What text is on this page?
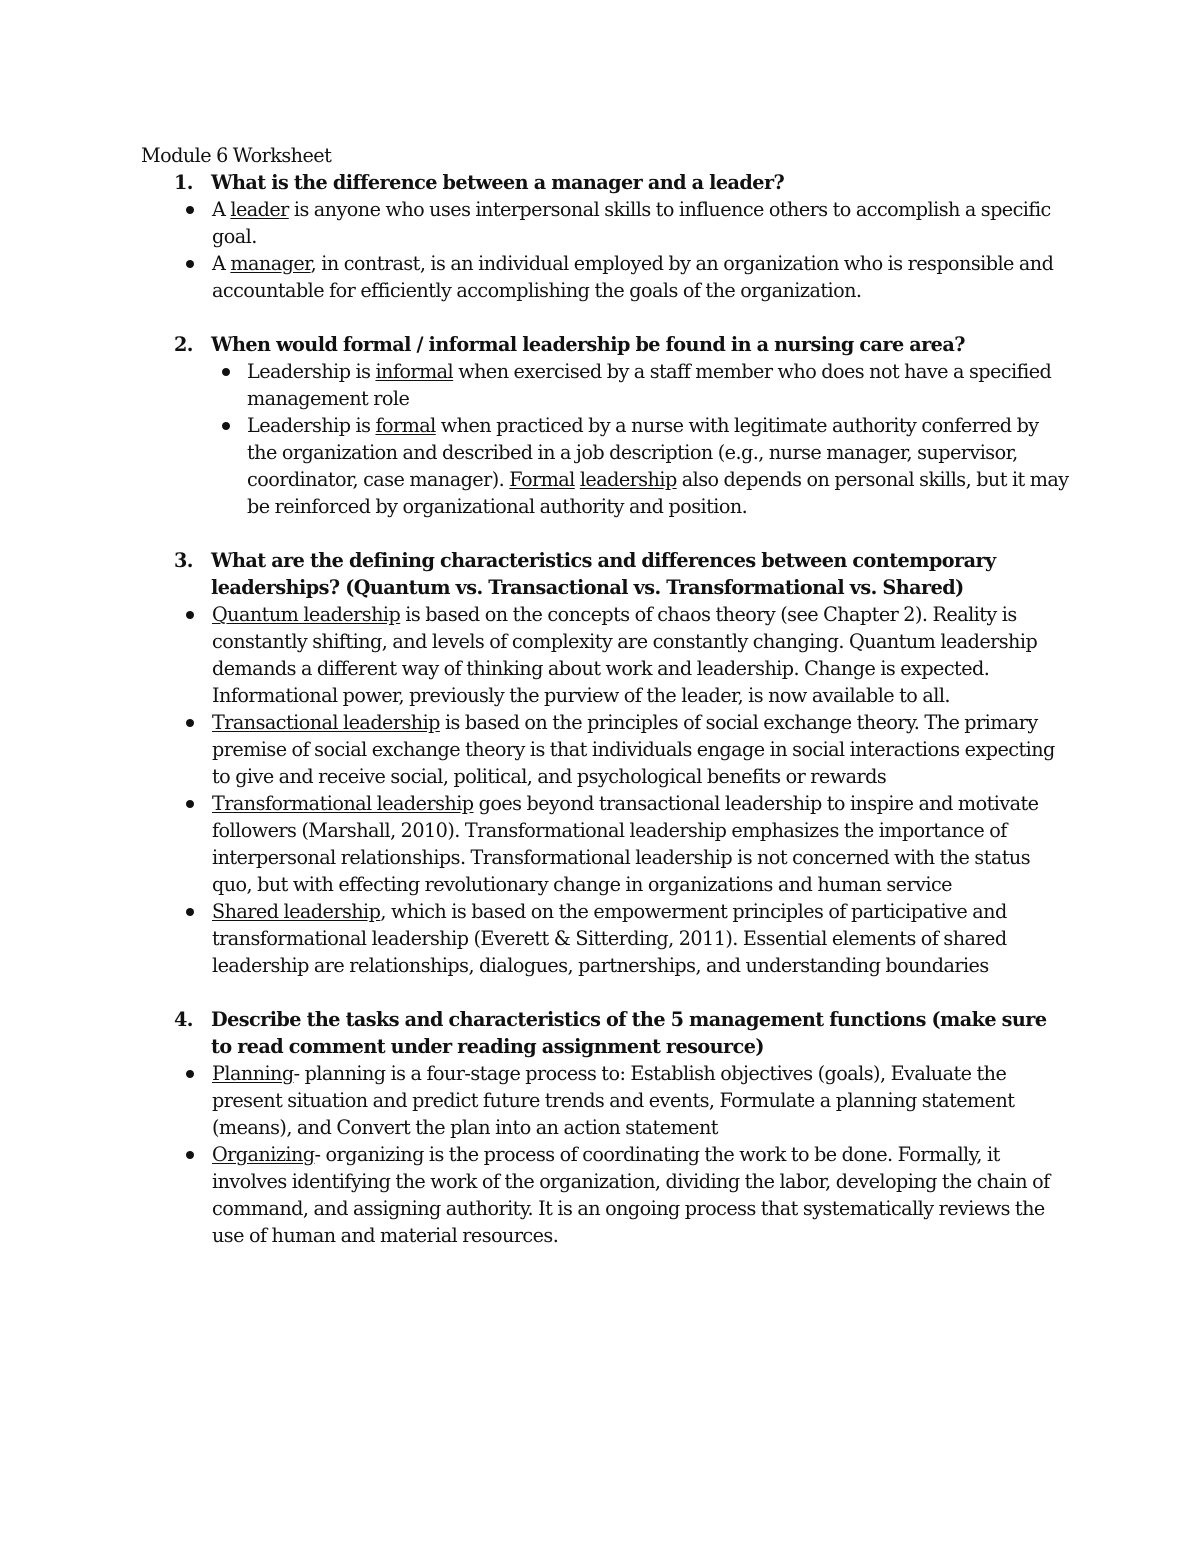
Module 6 Worksheet
1. What is the difference between a manager and a leader?
A leader is anyone who uses interpersonal skills to influence others to accomplish a specific goal.
A manager, in contrast, is an individual employed by an organization who is responsible and accountable for efficiently accomplishing the goals of the organization.
2. When would formal / informal leadership be found in a nursing care area?
Leadership is informal when exercised by a staff member who does not have a specified management role
Leadership is formal when practiced by a nurse with legitimate authority conferred by the organization and described in a job description (e.g., nurse manager, supervisor, coordinator, case manager). Formal leadership also depends on personal skills, but it may be reinforced by organizational authority and position.
3. What are the defining characteristics and differences between contemporary leaderships? (Quantum vs. Transactional vs. Transformational vs. Shared)
Quantum leadership is based on the concepts of chaos theory (see Chapter 2). Reality is constantly shifting, and levels of complexity are constantly changing. Quantum leadership demands a different way of thinking about work and leadership. Change is expected. Informational power, previously the purview of the leader, is now available to all.
Transactional leadership is based on the principles of social exchange theory. The primary premise of social exchange theory is that individuals engage in social interactions expecting to give and receive social, political, and psychological benefits or rewards
Transformational leadership goes beyond transactional leadership to inspire and motivate followers (Marshall, 2010). Transformational leadership emphasizes the importance of interpersonal relationships. Transformational leadership is not concerned with the status quo, but with effecting revolutionary change in organizations and human service
Shared leadership, which is based on the empowerment principles of participative and transformational leadership (Everett & Sitterding, 2011). Essential elements of shared leadership are relationships, dialogues, partnerships, and understanding boundaries
4. Describe the tasks and characteristics of the 5 management functions (make sure to read comment under reading assignment resource)
Planning- planning is a four-stage process to: Establish objectives (goals), Evaluate the present situation and predict future trends and events, Formulate a planning statement (means), and Convert the plan into an action statement
Organizing- organizing is the process of coordinating the work to be done. Formally, it involves identifying the work of the organization, dividing the labor, developing the chain of command, and assigning authority. It is an ongoing process that systematically reviews the use of human and material resources.
